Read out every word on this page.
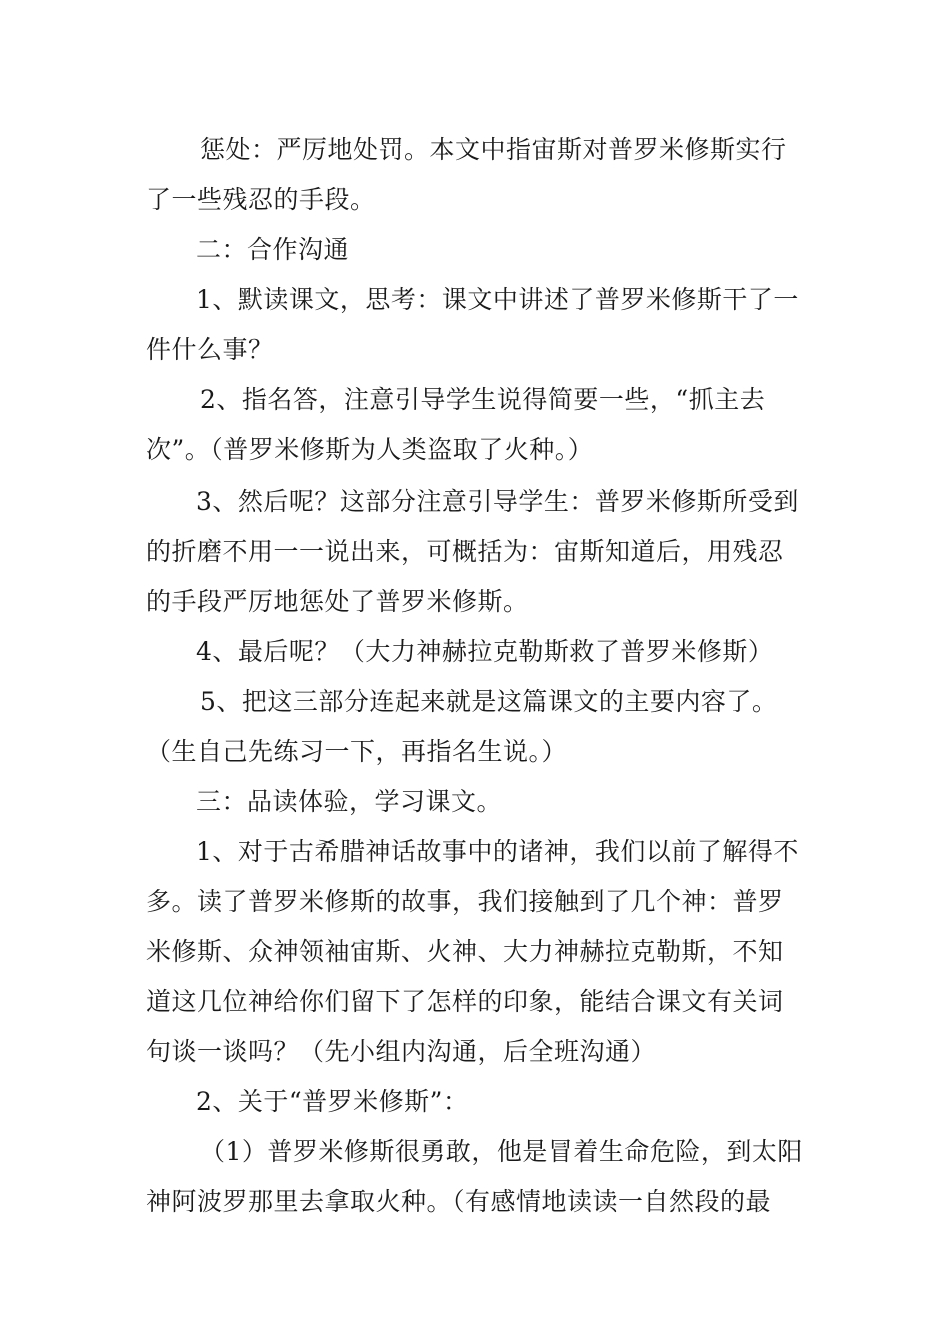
惩处：严厉地处罚。本文中指宙斯对普罗米修斯实行
了一些残忍的手段。
二：合作沟通
1、默读课文，思考：课文中讲述了普罗米修斯干了一
件什么事？
2、指名答，注意引导学生说得简要一些，“抓主去
次”。（普罗米修斯为人类盗取了火种。）
3、然后呢？这部分注意引导学生：普罗米修斯所受到
的折磨不用一一说出来，可概括为：宙斯知道后，用残忍
的手段严厉地惩处了普罗米修斯。
4、最后呢？（大力神赫拉克勒斯救了普罗米修斯）
5、把这三部分连起来就是这篇课文的主要内容了。
（生自己先练习一下，再指名生说。）
三：品读体验，学习课文。
1、对于古希腊神话故事中的诸神，我们以前了解得不
多。读了普罗米修斯的故事，我们接触到了几个神：普罗
米修斯、众神领袖宙斯、火神、大力神赫拉克勒斯，不知
道这几位神给你们留下了怎样的印象，能结合课文有关词
句谈一谈吗？（先小组内沟通，后全班沟通）
2、关于“普罗米修斯”：
（1）普罗米修斯很勇敢，他是冒着生命危险，到太阳
神阿波罗那里去拿取火种。（有感情地读读一自然段的最
